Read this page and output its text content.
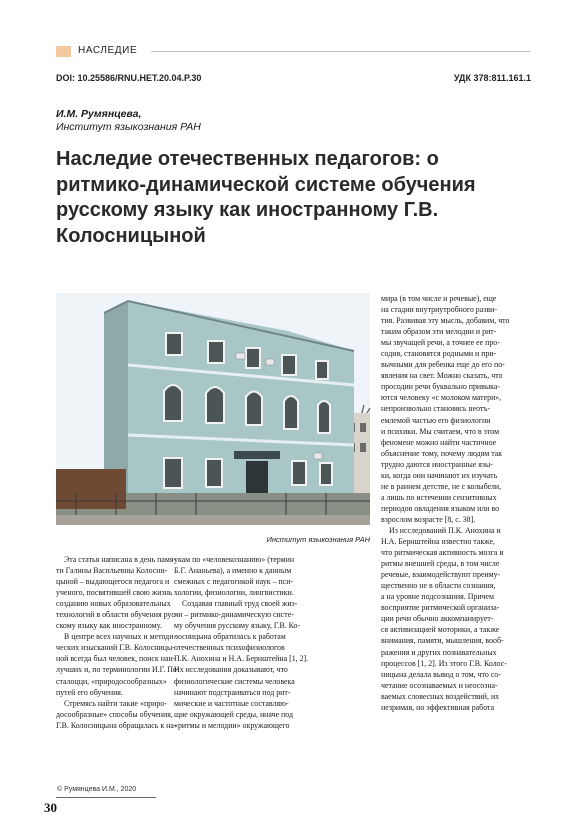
НАСЛЕДИЕ
DOI: 10.25586/RNU.HET.20.04.P.30	УДК 378:811.161.1
И.М. Румянцева,
Институт языкознания РАН
Наследие отечественных педагогов: о ритмико-динамической системе обучения русскому языку как иностранному Г.В. Колосницыной
Институт языкознания РАН

Эта статья написана в день памя-
ти Галины Васильевны Колосни-
цыной – выдающегося педагога и
ученого, посвятившей свою жизнь
созданию новых образовательных
технологий в области обучения рус-
скому языку как иностранному.

В центре всех научных и методи-
ческих изысканий Г.В. Колосницы-
ной всегда был человек, поиск наи-
лучших и, по терминологии И.Г. Пе-
сталоцци, «природосообразных»
путей его обучения.

Стремясь найти такие «приро-
досообразные» способы обучения,
Г.В. Колосницына обращалась к на-

укам по «человекознанию» (термин
Б.Г. Ананьева), а именно к данным
смежных с педагогикой наук – пси-
хологии, физиологии, лингвистики.

Создавая главный труд своей жиз-
ни – ритмико-динамическую систе-
му обучения русскому языку, Г.В. Ко-
лосницына обратилась к работам
отечественных психофизиологов
П.К. Анохина и Н.А. Бернштейна [1, 2].
Их исследования доказывают, что
физиологические системы человека
начинают подстраиваться под рит-
мические и частотные составляю-
щие окружающей среды, иначе под
«ритмы и мелодии» окружающего

мира (в том числе и речевые), еще
на стадии внутриутробного разви-
тия. Развивая эту мысль, добавим, что
таким образом эти мелодии и рит-
мы звучащей речи, а точнее ее про-
содия, становятся родными и при-
вычными для ребенка еще до его по-
явления на свет. Можно сказать, что
просодии речи буквально привыка-
ются человеку «с молоком матери»,
непроизвольно становясь неотъ-
емлемой частью его физиологии
и психики. Мы считаем, что в этом
феномене можно найти частичное
объяснение тому, почему людям так
трудно даются иностранные язы-
ки, когда они начинают их изучать
не в раннем детстве, не с колыбели,
а лишь по истечении сензитивных
периодов овладения языком или во
взрослом возрасте [8, с. 38].

Из исследований П.К. Анохина и
Н.А. Бернштейна известно также,
что ритмическая активность мозга и
ритмы внешней среды, в том числе
речевые, взаимодействуют преиму-
щественно не в области сознания,
а на уровне подсознания. Причем
восприятие ритмической организа-
ции речи обычно аккомпанирует-
ся активизацией моторики, а также
внимания, памяти, мышления, вооб-
ражения и других познавательных
процессов [1, 2]. Из этого Г.В. Колос-
ницына делала вывод о том, что со-
четание осознаваемых и неосозна-
ваемых словесных воздействий, их
незримая, но эффективная работа

© Румянцева И.М., 2020
30
